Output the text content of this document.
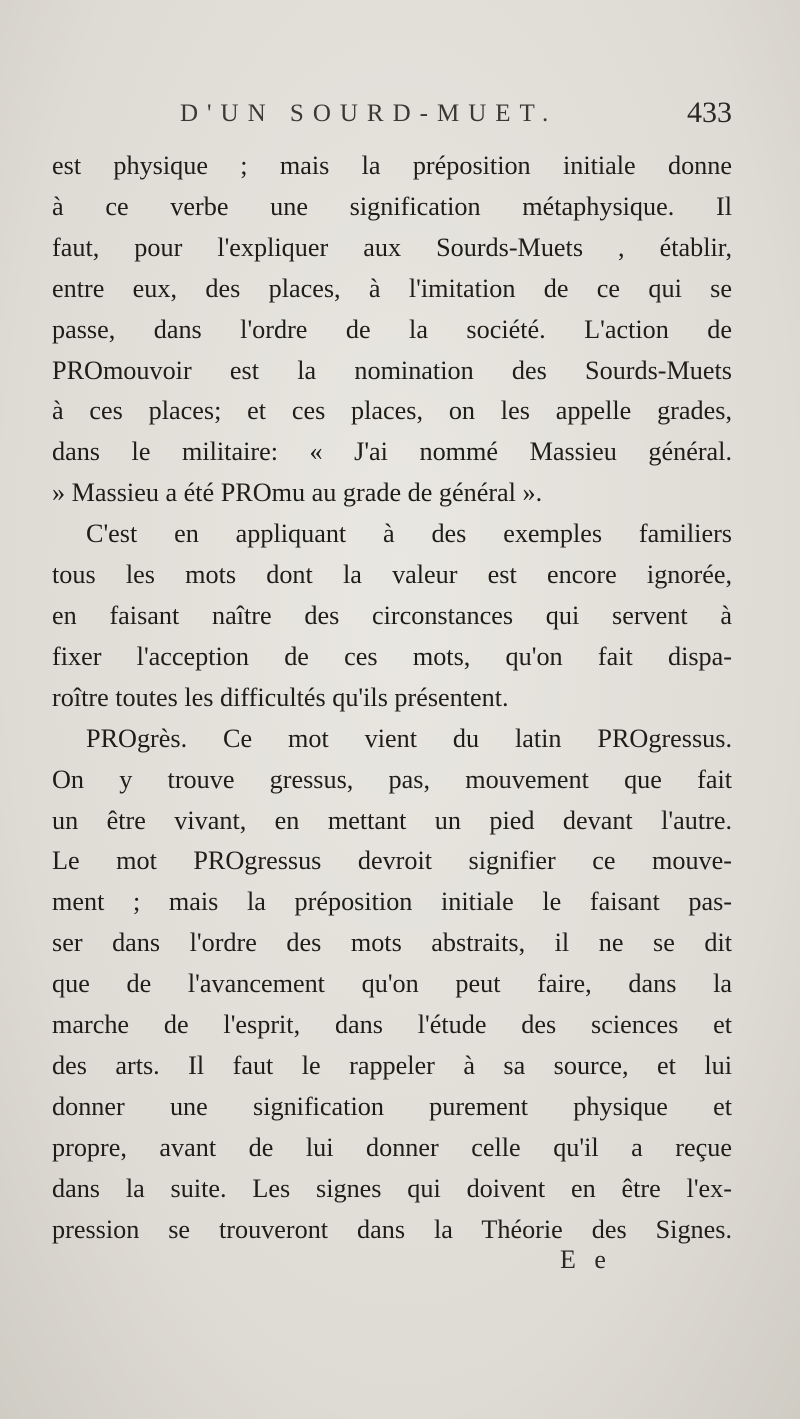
D'UN SOURD-MUET.	433

est physique ; mais la préposition initiale donne
à ce verbe une signification métaphysique. Il
faut, pour l'expliquer aux Sourds-Muets , établir,
entre eux, des places, à l'imitation de ce qui se
passe, dans l'ordre de la société. L'action de
PROmouvoir est la nomination des Sourds-Muets
à ces places; et ces places, on les appelle grades,
dans le militaire: « J'ai nommé Massieu général.
» Massieu a été PROmu au grade de général ».

C'est en appliquant à des exemples familiers
tous les mots dont la valeur est encore ignorée,
en faisant naître des circonstances qui servent à
fixer l'acception de ces mots, qu'on fait dispa-
roître toutes les difficultés qu'ils présentent.

PROgrès. Ce mot vient du latin PROgressus.
On y trouve gressus, pas, mouvement que fait
un être vivant, en mettant un pied devant l'autre.
Le mot PROgressus devroit signifier ce mouve-
ment ; mais la préposition initiale le faisant pas-
ser dans l'ordre des mots abstraits, il ne se dit
que de l'avancement qu'on peut faire, dans la
marche de l'esprit, dans l'étude des sciences et
des arts. Il faut le rappeler à sa source, et lui
donner une signification purement physique et
propre, avant de lui donner celle qu'il a reçue
dans la suite. Les signes qui doivent en être l'ex-
pression se trouveront dans la Théorie des Signes.

E e
